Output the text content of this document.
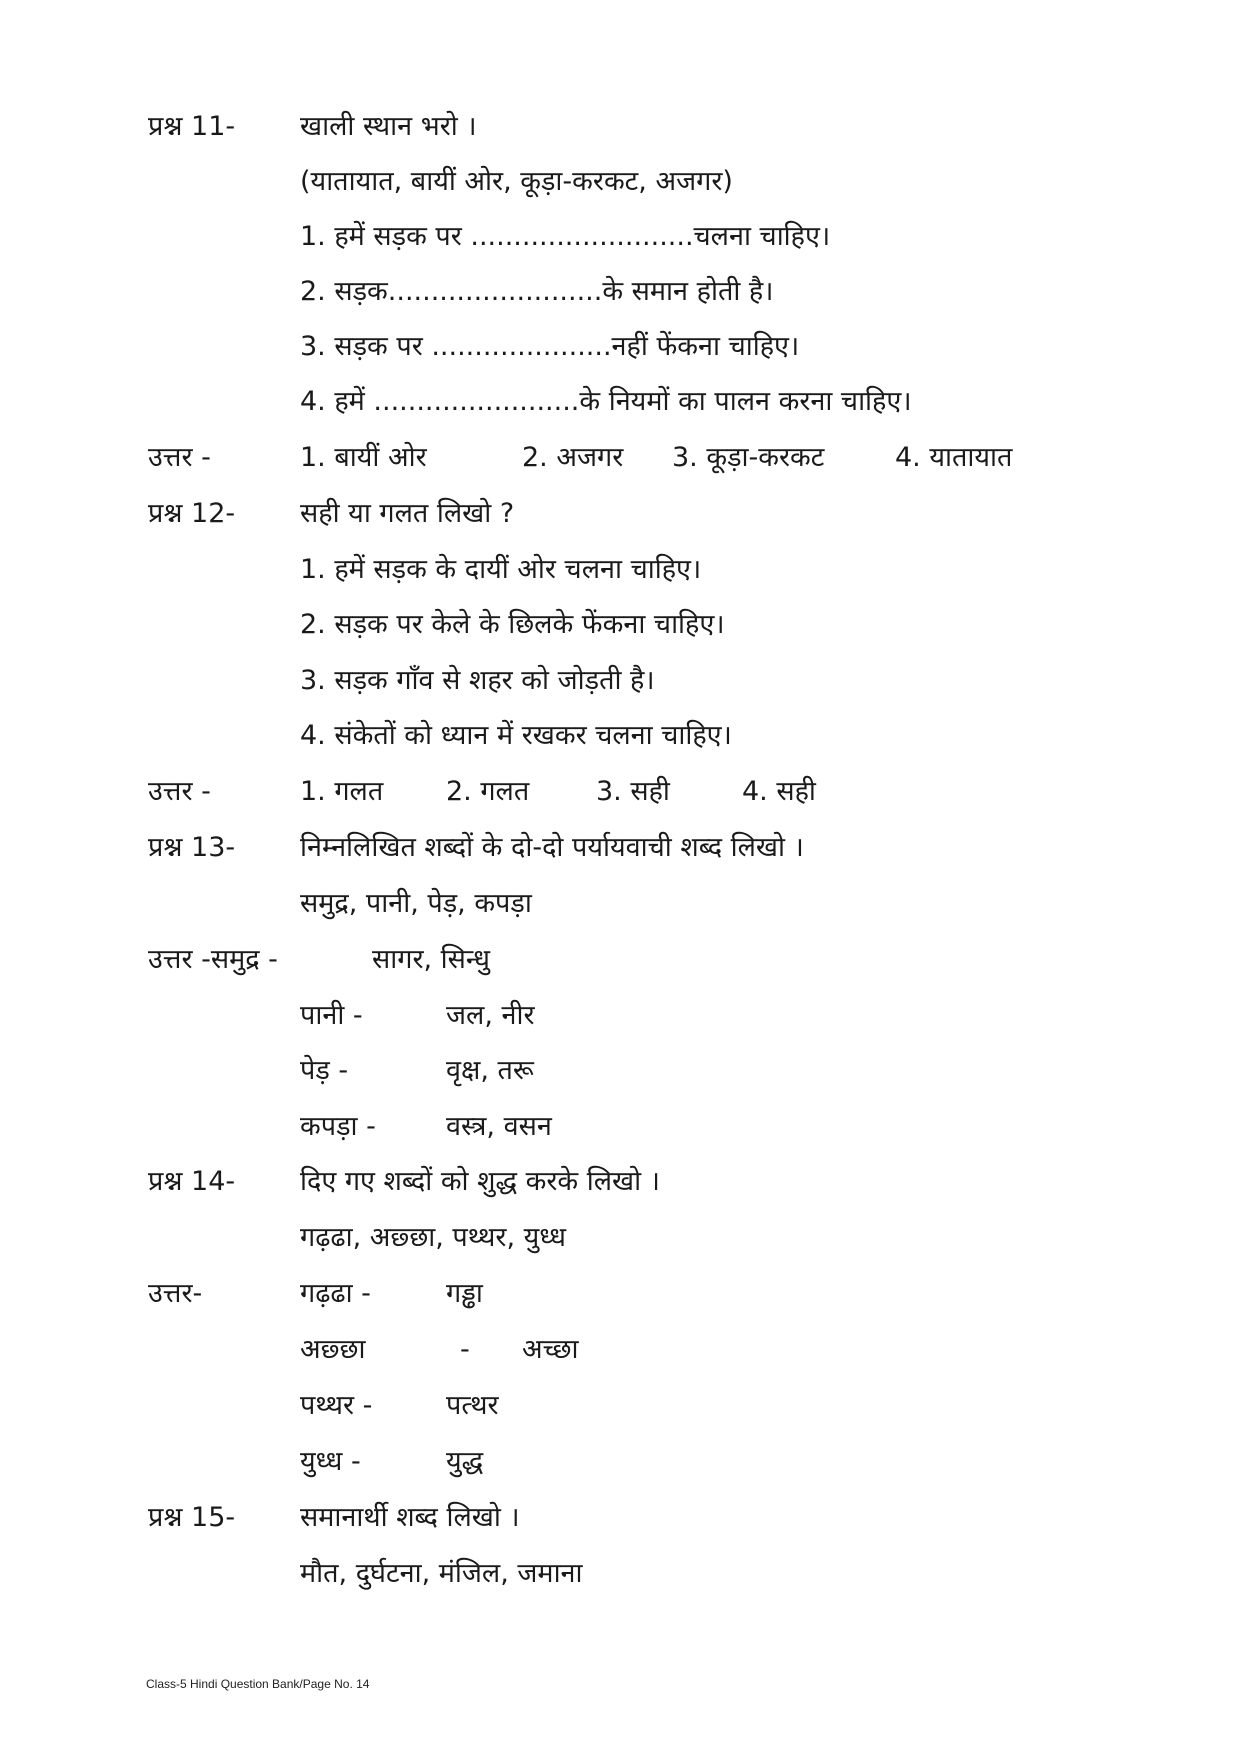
प्रश्न 11- खाली स्थान भरो ।
(यातायात, बायीं ओर, कूड़ा-करकट, अजगर)
1. हमें सड़क पर ..........................चलना चाहिए।
2. सड़क.........................के समान होती है।
3. सड़क पर .....................नहीं फेंकना चाहिए।
4. हमें ........................के नियमों का पालन करना चाहिए।
उत्तर -	1. बायीं ओर	2. अजगर 3. कूड़ा-करकट	4. यातायात
प्रश्न 12- सही या गलत लिखो ?
1. हमें सड़क के दायीं ओर चलना चाहिए।
2. सड़क पर केले के छिलके फेंकना चाहिए।
3. सड़क गाँव से शहर को जोड़ती है।
4. संकेतों को ध्यान में रखकर चलना चाहिए।
उत्तर -	1. गलत 2. गलत 3. सही	4. सही
प्रश्न 13- निम्नलिखित शब्दों के दो-दो पर्यायवाची शब्द लिखो ।
समुद्र, पानी, पेड़, कपड़ा
उत्तर -समुद्र -	सागर, सिन्धु
पानी -	जल, नीर
पेड़ -	वृक्ष, तरू
कपड़ा -	वस्त्र, वसन
प्रश्न 14- दिए गए शब्दों को शुद्ध करके लिखो ।
गढ़ढा, अछ्छा, पथ्थर, युध्ध
उत्तर-	गढ़ढा -	गड्ढा
अछ्छा	- अच्छा
पथ्थर -	पत्थर
युध्ध -	युद्ध
प्रश्न 15- समानार्थी शब्द लिखो ।
मौत, दुर्घटना, मंजिल, जमाना
Class-5 Hindi Question Bank/Page No. 14
